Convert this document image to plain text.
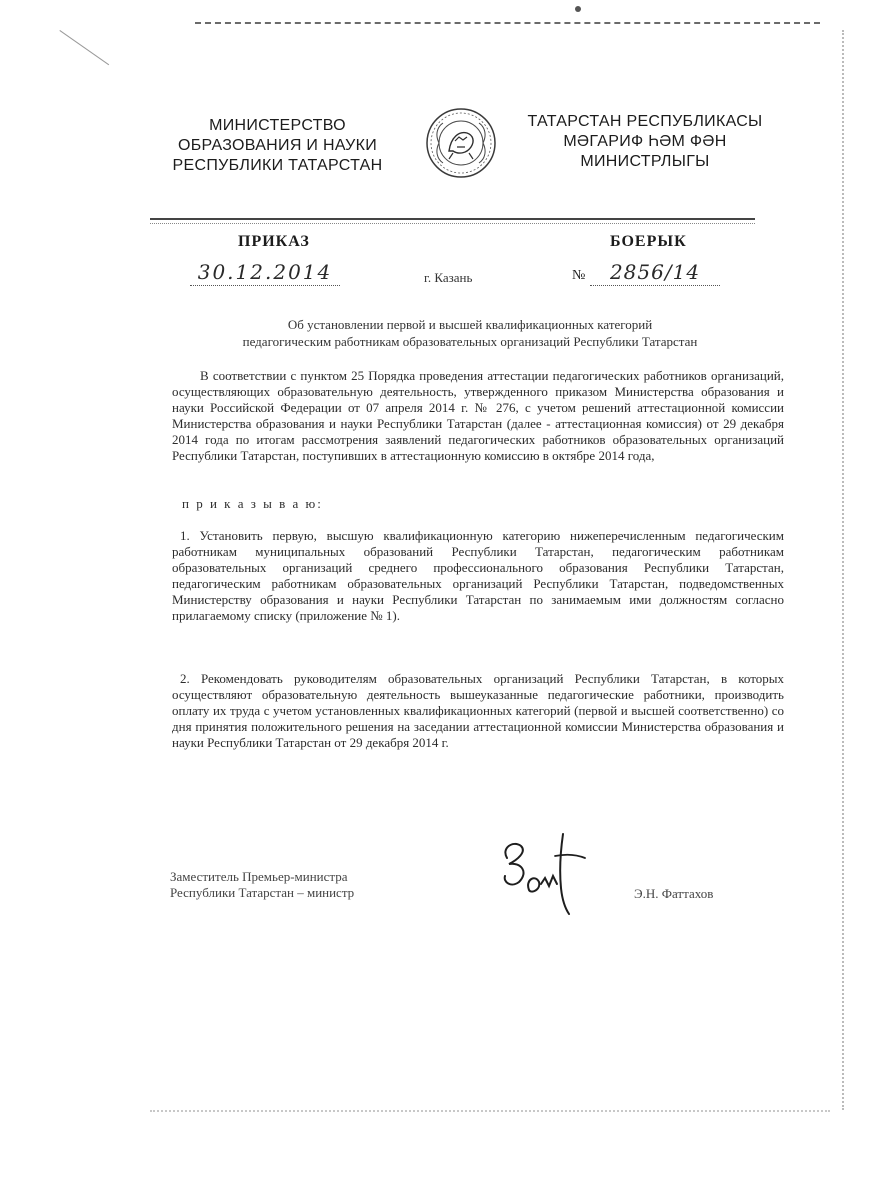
МИНИСТЕРСТВО
ОБРАЗОВАНИЯ И НАУКИ
РЕСПУБЛИКИ ТАТАРСТАН
ТАТАРСТАН РЕСПУБЛИКАСЫ
МӘГАРИФ ҺӘМ ФӘН
МИНИСТРЛЫГЫ
ПРИКАЗ	БОЕРЫК
30.12.2014	г. Казань	№	2856/14
Об установлении первой и высшей квалификационных категорий
педагогическим работникам образовательных организаций Республики Татарстан

В соответствии с пунктом 25 Порядка проведения аттестации педагогических работников организаций, осуществляющих образовательную деятельность, утвержденного приказом Министерства образования и науки Российской Федерации от 07 апреля 2014 г. № 276, с учетом решений аттестационной комиссии Министерства образования и науки Республики Татарстан (далее - аттестационная комиссия) от 29 декабря 2014 года по итогам рассмотрения заявлений педагогических работников образовательных организаций Республики Татарстан, поступивших в аттестационную комиссию в октябре 2014 года,

п р и к а з ы в а ю:

1. Установить первую, высшую квалификационную категорию нижеперечисленным педагогическим работникам муниципальных образований Республики Татарстан, педагогическим работникам образовательных организаций среднего профессионального образования Республики Татарстан, педагогическим работникам образовательных организаций Республики Татарстан, подведомственных Министерству образования и науки Республики Татарстан по занимаемым ими должностям согласно прилагаемому списку (приложение № 1).

2. Рекомендовать руководителям образовательных организаций Республики Татарстан, в которых осуществляют образовательную деятельность вышеуказанные педагогические работники, производить оплату их труда с учетом установленных квалификационных категорий (первой и высшей соответственно) со дня принятия положительного решения на заседании аттестационной комиссии Министерства образования и науки Республики Татарстан от 29 декабря 2014 г.

Заместитель Премьер-министра
Республики Татарстан – министр	Э.Н. Фаттахов
